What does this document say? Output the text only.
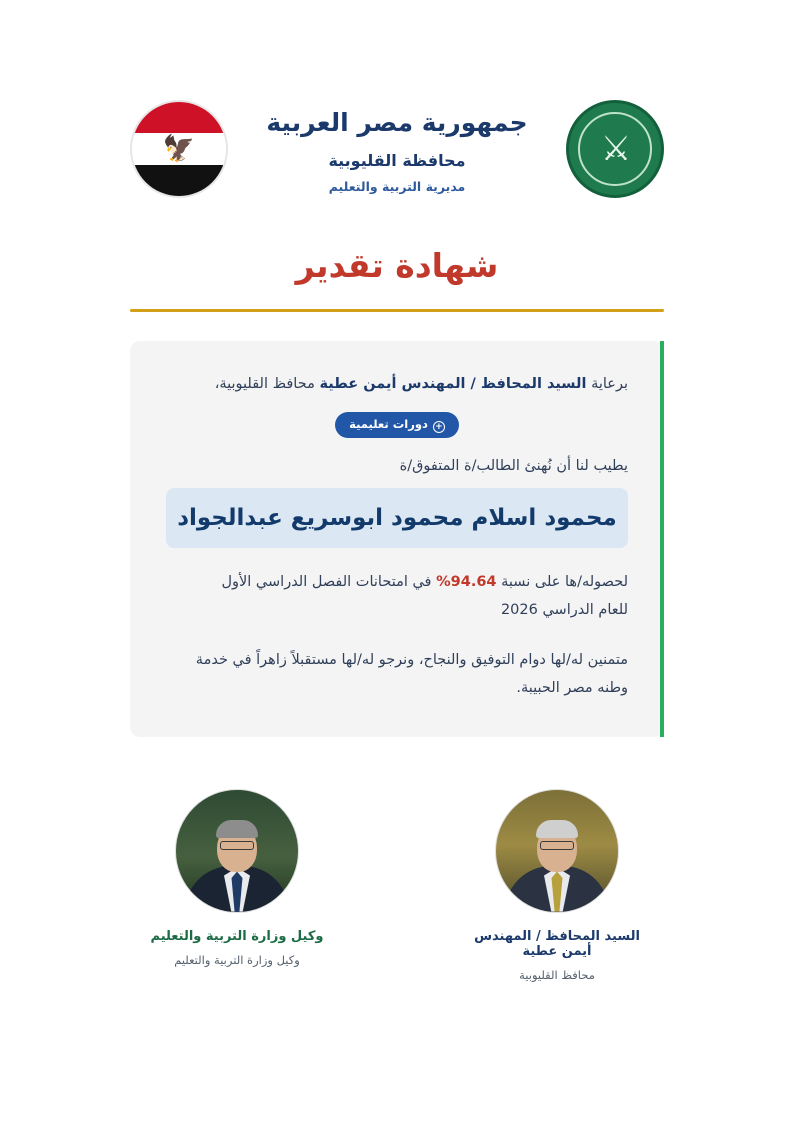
⚔
جمهورية مصر العربية
محافظة القليوبية
مديرية التربية والتعليم
🦅
شهادة تقدير
برعاية السيد المحافظ / المهندس أيمن عطية محافظ القليوبية،
+دورات تعليمية
يطيب لنا أن نُهنئ الطالب/ة المتفوق/ة
محمود اسلام محمود ابوسريع عبدالجواد
لحصوله/ها على نسبة 94.64% في امتحانات الفصل الدراسي الأول
للعام الدراسي 2026
متمنين له/لها دوام التوفيق والنجاح، ونرجو له/لها مستقبلاً زاهراً في خدمة وطنه مصر الحبيبة.
السيد المحافظ / المهندس أيمن عطية
محافظ القليوبية
وكيل وزارة التربية والتعليم
وكيل وزارة التربية والتعليم
